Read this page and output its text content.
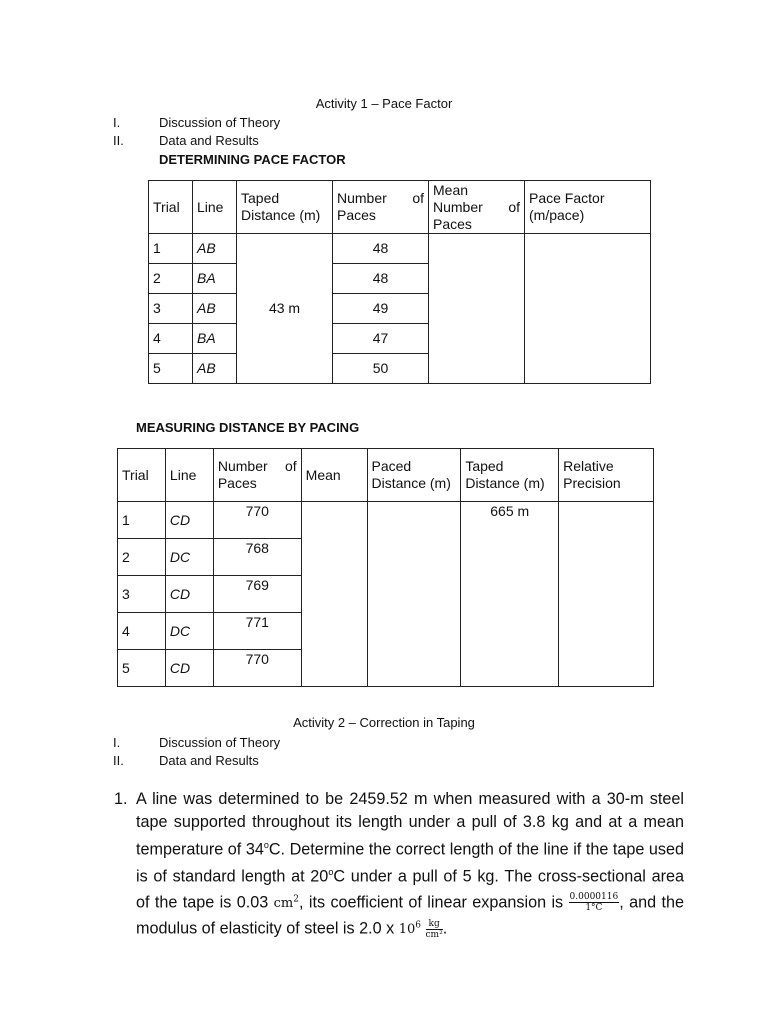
Activity 1 – Pace Factor
I.	Discussion of Theory
II.	Data and Results
DETERMINING PACE FACTOR
Trial	Line	Taped Distance (m)	Number of Paces	Mean Number of Paces	Pace Factor (m/pace)
1	AB	43 m	48		
2	BA		48		
3	AB		49		
4	BA		47		
5	AB		50		
MEASURING DISTANCE BY PACING
Trial	Line	Number of Paces	Mean	Paced Distance (m)	Taped Distance (m)	Relative Precision
1	CD	770			665 m	
2	DC	768				
3	CD	769				
4	DC	771				
5	CD	770				
Activity 2 – Correction in Taping
I.	Discussion of Theory
II.	Data and Results
1. A line was determined to be 2459.52 m when measured with a 30-m steel tape supported throughout its length under a pull of 3.8 kg and at a mean temperature of 34$^o$C. Determine the correct length of the line if the tape used is of standard length at 20$^o$C under a pull of 5 kg. The cross-sectional area of the tape is 0.03 $cm^2$, its coefficient of linear expansion is $\frac{0.0000116}{1^\circ C}$ , and the modulus of elasticity of steel is 2.0 x $10^6 \frac{kg}{\text{cm²}}$ .
